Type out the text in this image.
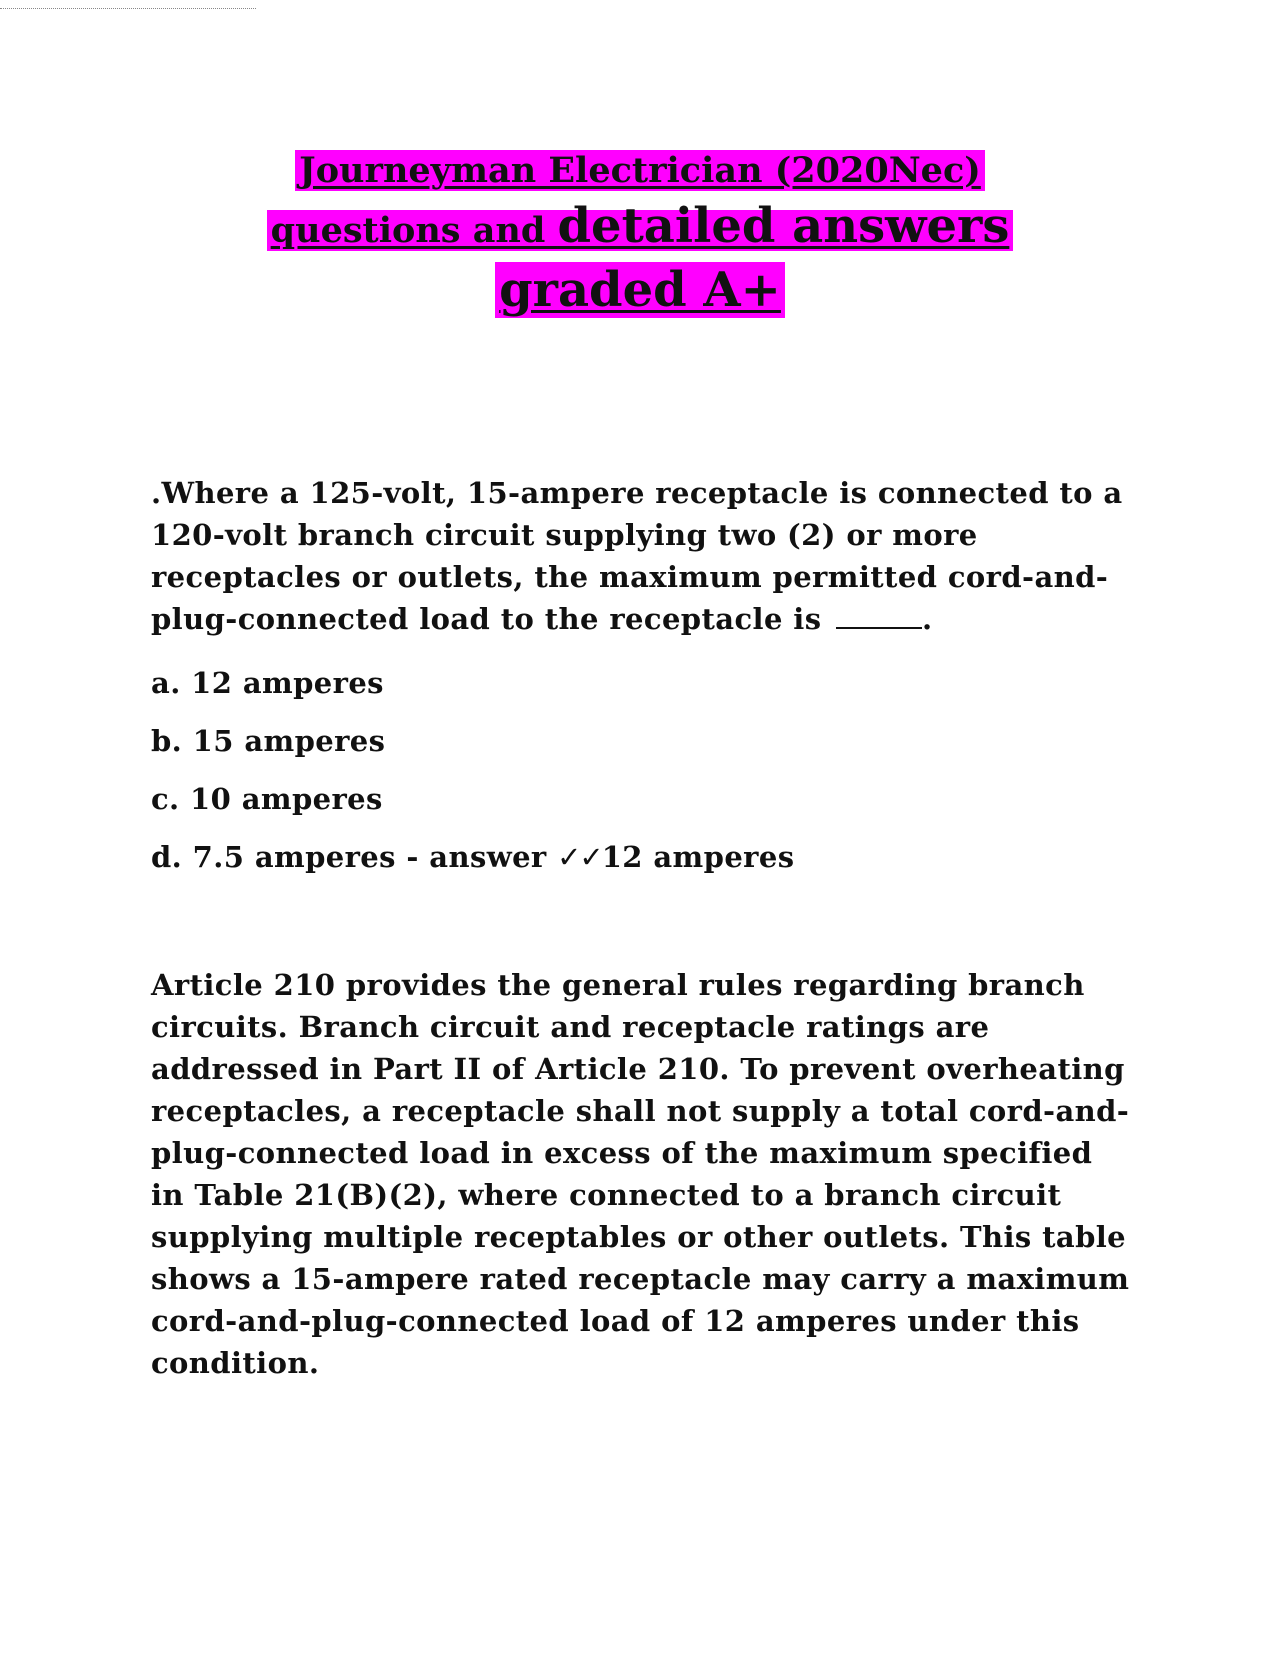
Journeyman Electrician (2020Nec)
questions and detailed answers
graded A+

.Where a 125-volt, 15-ampere receptacle is connected to a 120-volt branch circuit supplying two (2) or more receptacles or outlets, the maximum permitted cord-and-plug-connected load to the receptacle is	.

a. 12 amperes
b. 15 amperes
c. 10 amperes
d. 7.5 amperes - answer ✓✓12 amperes

Article 210 provides the general rules regarding branch circuits. Branch circuit and receptacle ratings are addressed in Part II of Article 210. To prevent overheating receptacles, a receptacle shall not supply a total cord-and-plug-connected load in excess of the maximum specified in Table 21(B)(2), where connected to a branch circuit supplying multiple receptables or other outlets. This table shows a 15-ampere rated receptacle may carry a maximum cord-and-plug-connected load of 12 amperes under this condition.
